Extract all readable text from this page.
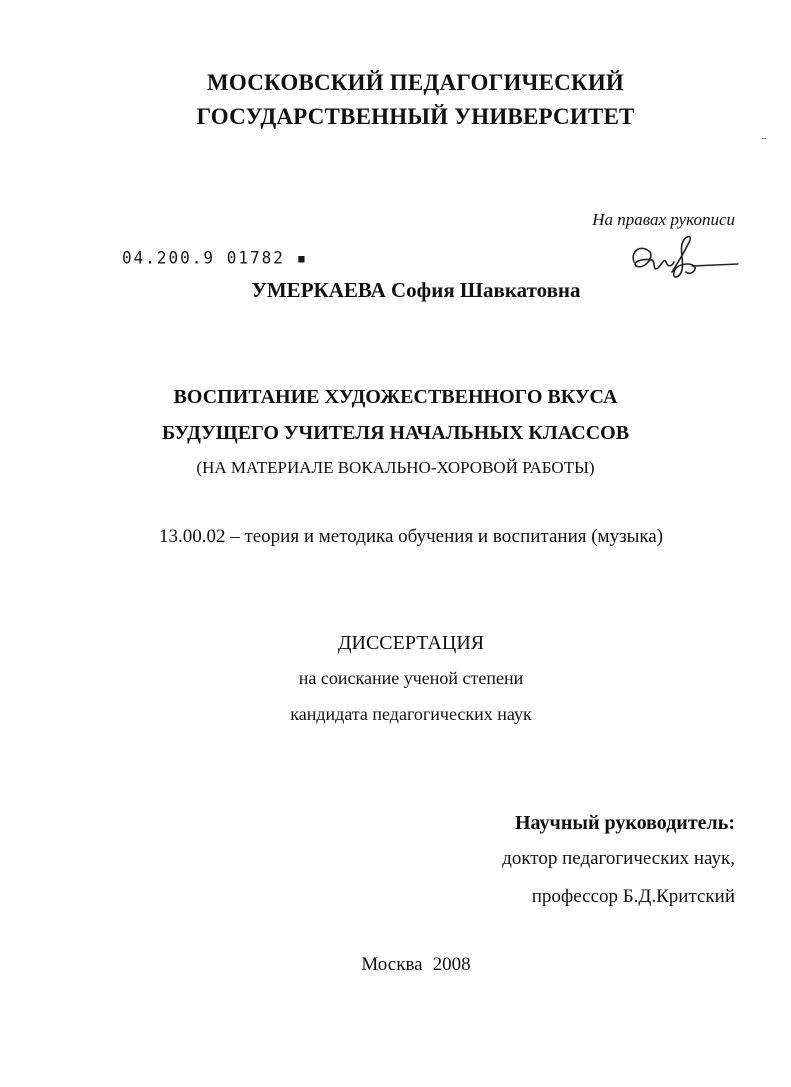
МОСКОВСКИЙ ПЕДАГОГИЧЕСКИЙ
ГОСУДАРСТВЕННЫЙ УНИВЕРСИТЕТ
На правах рукописи
04.200.9 01782 ▪
УМЕРКАЕВА София Шавкатовна
ВОСПИТАНИЕ ХУДОЖЕСТВЕННОГО ВКУСА
БУДУЩЕГО УЧИТЕЛЯ НАЧАЛЬНЫХ КЛАССОВ
(НА МАТЕРИАЛЕ ВОКАЛЬНО-ХОРОВОЙ РАБОТЫ)
13.00.02 – теория и методика обучения и воспитания (музыка)
ДИССЕРТАЦИЯ
на соискание ученой степени
кандидата педагогических наук
Научный руководитель:
доктор педагогических наук,
профессор Б.Д.Критский
Москва 2008
